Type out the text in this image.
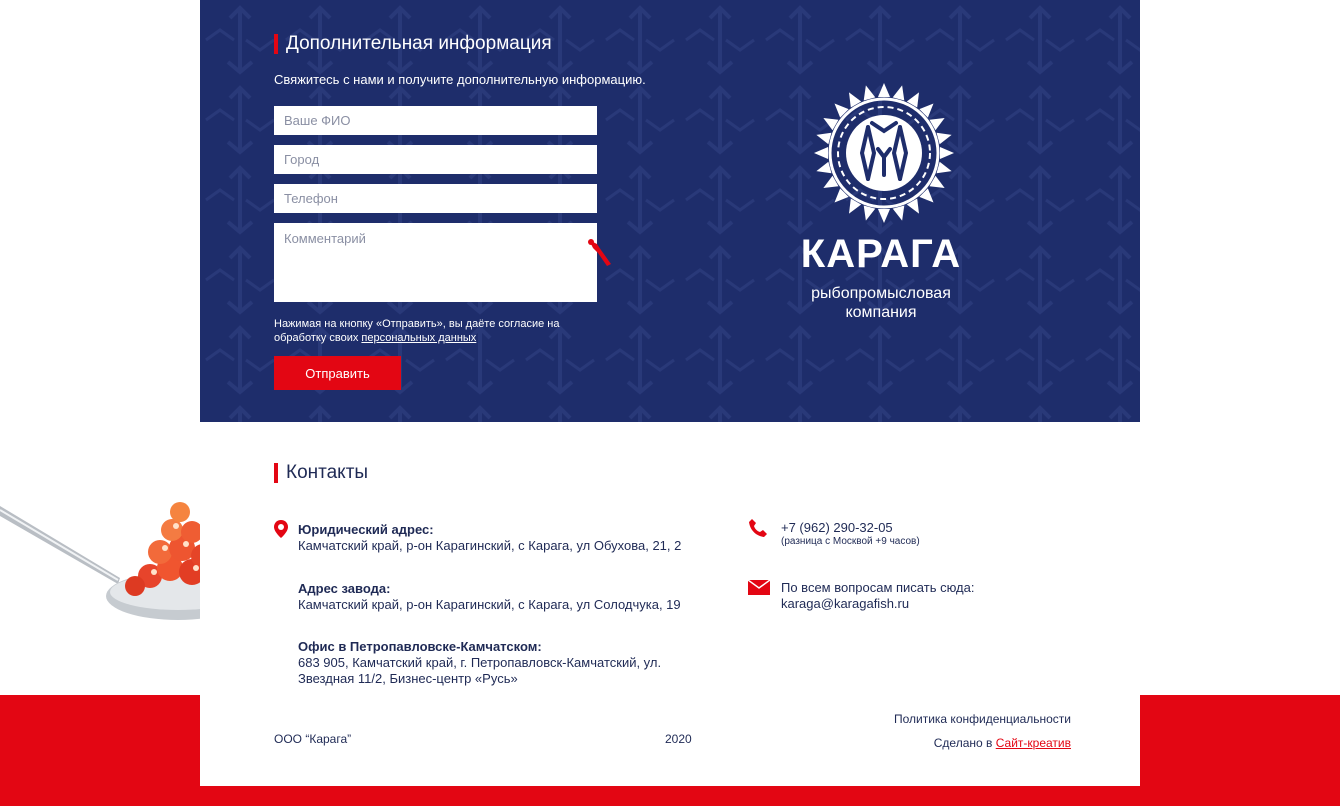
Дополнительная информация
Свяжитесь с нами и получите дополнительную информацию.
Ваше ФИО
Город
Телефон
Комментарий
Нажимая на кнопку «Отправить», вы даёте согласие на обработку своих персональных данных
Отправить
КАРАГА
рыбопромысловая
компания
Контакты
Юридический адрес:
Камчатский край, р-он Карагинский, с Карага, ул Обухова, 21, 2
Адрес завода:
Камчатский край, р-он Карагинский, с Карага, ул Солодчука, 19
Офис в Петропавловске-Камчатском:
683 905, Камчатский край, г. Петропавловск-Камчатский, ул. Звездная 11/2, Бизнес-центр «Русь»
+7 (962) 290-32-05
(разница с Москвой +9 часов)
По всем вопросам писать сюда:
karaga@karagafish.ru
ООО “Карага”	2020
Политика конфиденциальности
Сделано в Сайт-креатив
